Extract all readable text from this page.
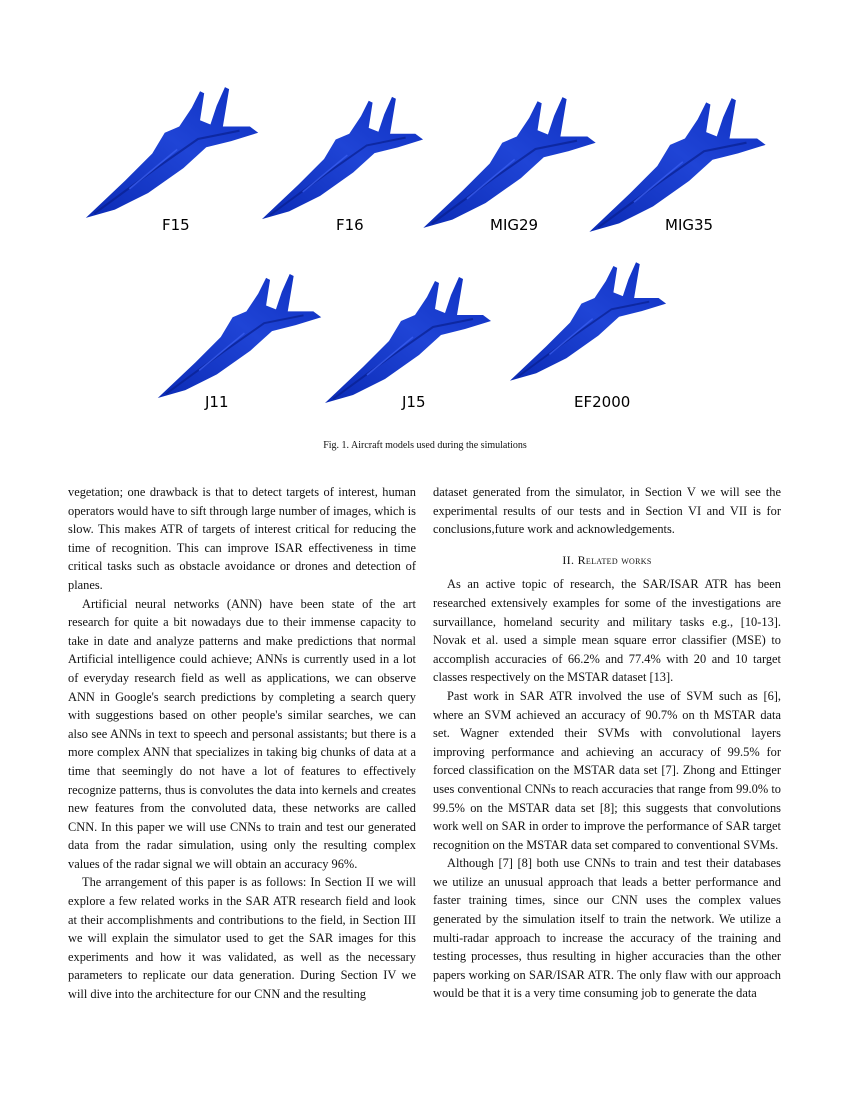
F15	F16	MIG29	MIG35
J11	J15	EF2000
Fig. 1. Aircraft models used during the simulations

vegetation; one drawback is that to detect targets of interest, human operators would have to sift through large number of images, which is slow. This makes ATR of targets of interest critical for reducing the time of recognition. This can improve ISAR effectiveness in time critical tasks such as obstacle avoidance or drones and detection of planes.

Artificial neural networks (ANN) have been state of the art research for quite a bit nowadays due to their immense capacity to take in date and analyze patterns and make predictions that normal Artificial intelligence could achieve; ANNs is currently used in a lot of everyday research field as well as applications, we can observe ANN in Google's search predictions by completing a search query with suggestions based on other people's similar searches, we can also see ANNs in text to speech and personal assistants; but there is a more complex ANN that specializes in taking big chunks of data at a time that seemingly do not have a lot of features to effectively recognize patterns, thus is convolutes the data into kernels and creates new features from the convoluted data, these networks are called CNN. In this paper we will use CNNs to train and test our generated data from the radar simulation, using only the resulting complex values of the radar signal we will obtain an accuracy 96%.

The arrangement of this paper is as follows: In Section II we will explore a few related works in the SAR ATR research field and look at their accomplishments and contributions to the field, in Section III we will explain the simulator used to get the SAR images for this experiments and how it was validated, as well as the necessary parameters to replicate our data generation. During Section IV we will dive into the architecture for our CNN and the resulting

dataset generated from the simulator, in Section V we will see the experimental results of our tests and in Section VI and VII is for conclusions,future work and acknowledgements.

II. Related works

As an active topic of research, the SAR/ISAR ATR has been researched extensively examples for some of the investigations are survaillance, homeland security and military tasks e.g., [10-13]. Novak et al. used a simple mean square error classifier (MSE) to accomplish accuracies of 66.2% and 77.4% with 20 and 10 target classes respectively on the MSTAR dataset [13].

Past work in SAR ATR involved the use of SVM such as [6], where an SVM achieved an accuracy of 90.7% on th MSTAR data set. Wagner extended their SVMs with convolutional layers improving performance and achieving an accuracy of 99.5% for forced classification on the MSTAR data set [7]. Zhong and Ettinger uses conventional CNNs to reach accuracies that range from 99.0% to 99.5% on the MSTAR data set [8]; this suggests that convolutions work well on SAR in order to improve the performance of SAR target recognition on the MSTAR data set compared to conventional SVMs.

Although [7] [8] both use CNNs to train and test their databases we utilize an unusual approach that leads a better performance and faster training times, since our CNN uses the complex values generated by the simulation itself to train the network. We utilize a multi-radar approach to increase the accuracy of the training and testing processes, thus resulting in higher accuracies than the other papers working on SAR/ISAR ATR. The only flaw with our approach would be that it is a very time consuming job to generate the data
